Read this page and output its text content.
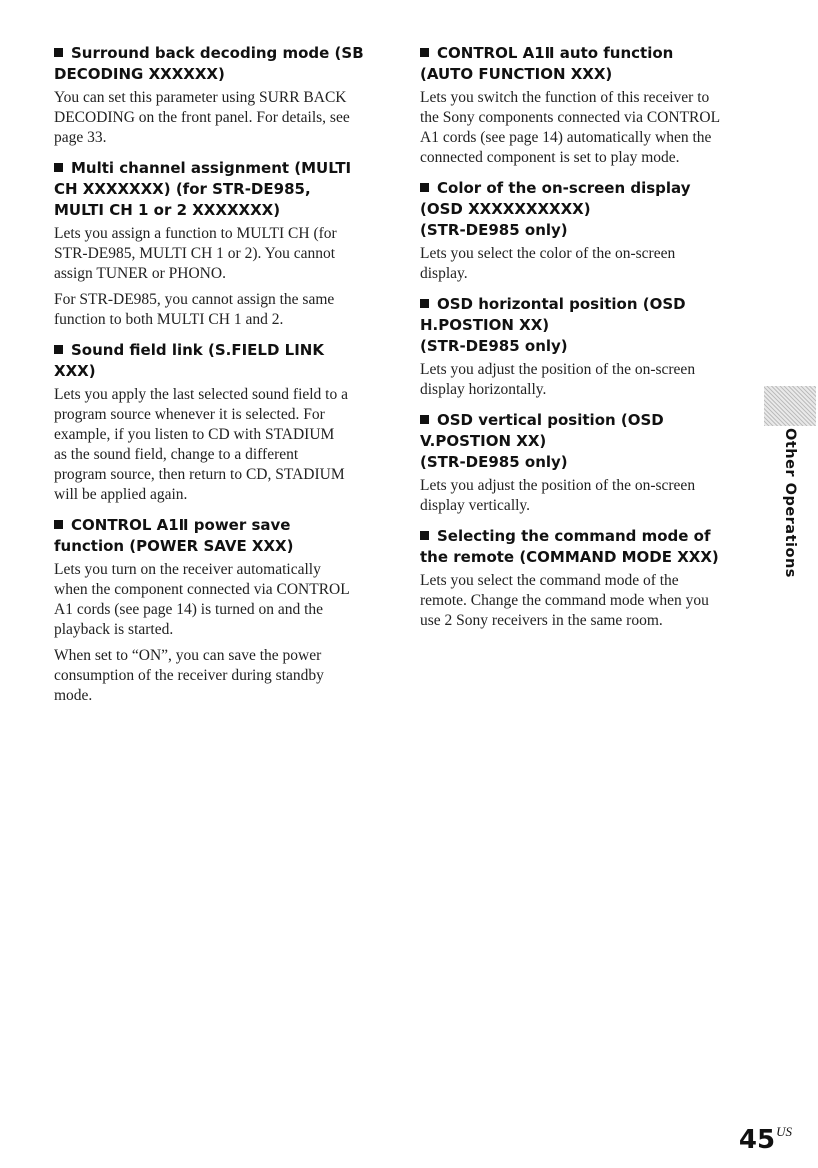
Surround back decoding mode (SB
DECODING XXXXXX)
You can set this parameter using SURR BACK
DECODING on the front panel. For details, see
page 33.
Multi channel assignment (MULTI
CH XXXXXXX) (for STR-DE985,
MULTI CH 1 or 2 XXXXXXX)
Lets you assign a function to MULTI CH (for
STR-DE985, MULTI CH 1 or 2). You cannot
assign TUNER or PHONO.
For STR-DE985, you cannot assign the same
function to both MULTI CH 1 and 2.
Sound field link (S.FIELD LINK
XXX)
Lets you apply the last selected sound field to a
program source whenever it is selected. For
example, if you listen to CD with STADIUM
as the sound field, change to a different
program source, then return to CD, STADIUM
will be applied again.
CONTROL A1Ⅱ power save
function (POWER SAVE XXX)
Lets you turn on the receiver automatically
when the component connected via CONTROL
A1 cords (see page 14) is turned on and the
playback is started.
When set to “ON”, you can save the power
consumption of the receiver during standby
mode.
CONTROL A1Ⅱ auto function
(AUTO FUNCTION XXX)
Lets you switch the function of this receiver to
the Sony components connected via CONTROL
A1 cords (see page 14) automatically when the
connected component is set to play mode.
Color of the on-screen display
(OSD XXXXXXXXXX)
(STR-DE985 only)
Lets you select the color of the on-screen
display.
OSD horizontal position (OSD
H.POSTION XX)
(STR-DE985 only)
Lets you adjust the position of the on-screen
display horizontally.
OSD vertical position (OSD
V.POSTION XX)
(STR-DE985 only)
Lets you adjust the position of the on-screen
display vertically.
Selecting the command mode of
the remote (COMMAND MODE XXX)
Lets you select the command mode of the
remote. Change the command mode when you
use 2 Sony receivers in the same room.
Other Operations
$45^{US}$
